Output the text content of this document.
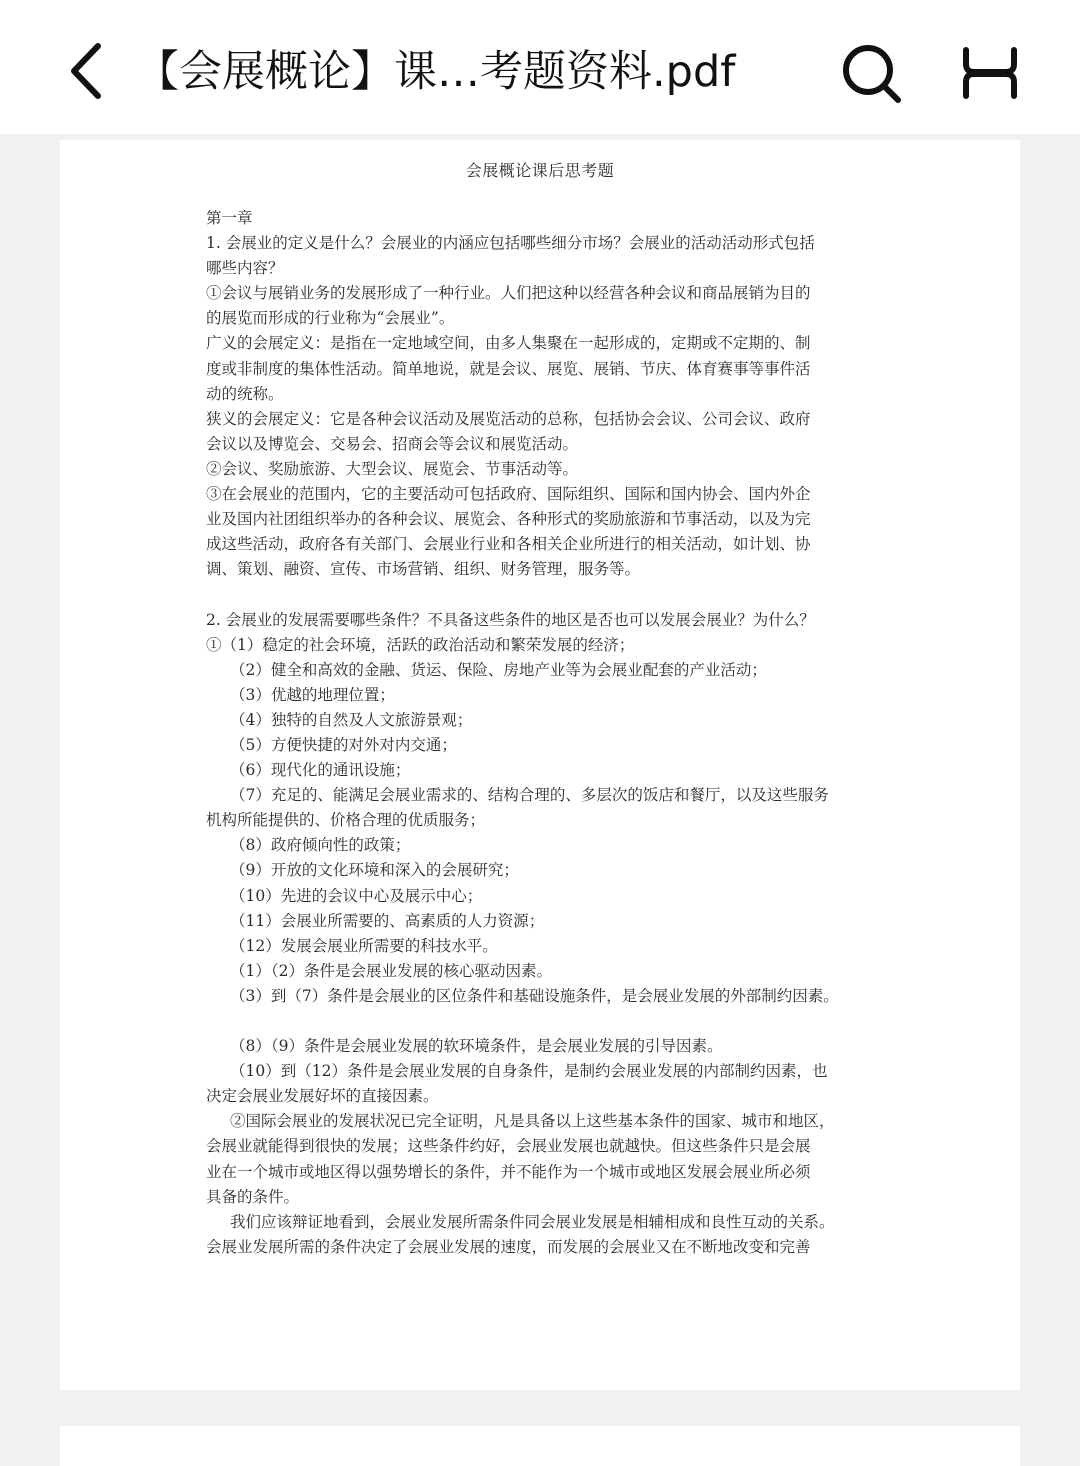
【会展概论】课…考题资料.pdf
会展概论课后思考题
第一章
1. 会展业的定义是什么？会展业的内涵应包括哪些细分市场？会展业的活动活动形式包括
哪些内容？
①会议与展销业务的发展形成了一种行业。人们把这种以经营各种会议和商品展销为目的
的展览而形成的行业称为“会展业”。
广义的会展定义：是指在一定地域空间，由多人集聚在一起形成的，定期或不定期的、制
度或非制度的集体性活动。简单地说，就是会议、展览、展销、节庆、体育赛事等事件活
动的统称。
狭义的会展定义：它是各种会议活动及展览活动的总称，包括协会会议、公司会议、政府
会议以及博览会、交易会、招商会等会议和展览活动。
②会议、奖励旅游、大型会议、展览会、节事活动等。
③在会展业的范围内，它的主要活动可包括政府、国际组织、国际和国内协会、国内外企
业及国内社团组织举办的各种会议、展览会、各种形式的奖励旅游和节事活动，以及为完
成这些活动，政府各有关部门、会展业行业和各相关企业所进行的相关活动，如计划、协
调、策划、融资、宣传、市场营销、组织、财务管理，服务等。
2. 会展业的发展需要哪些条件？不具备这些条件的地区是否也可以发展会展业？为什么？
①（1）稳定的社会环境，活跃的政治活动和繁荣发展的经济；
（2）健全和高效的金融、货运、保险、房地产业等为会展业配套的产业活动；
（3）优越的地理位置；
（4）独特的自然及人文旅游景观；
（5）方便快捷的对外对内交通；
（6）现代化的通讯设施；
（7）充足的、能满足会展业需求的、结构合理的、多层次的饭店和餐厅，以及这些服务
机构所能提供的、价格合理的优质服务；
（8）政府倾向性的政策；
（9）开放的文化环境和深入的会展研究；
（10）先进的会议中心及展示中心；
（11）会展业所需要的、高素质的人力资源；
（12）发展会展业所需要的科技水平。
（1）（2）条件是会展业发展的核心驱动因素。
（3）到（7）条件是会展业的区位条件和基础设施条件，是会展业发展的外部制约因素。
（8）（9）条件是会展业发展的软环境条件，是会展业发展的引导因素。
（10）到（12）条件是会展业发展的自身条件，是制约会展业发展的内部制约因素，也
决定会展业发展好坏的直接因素。
②国际会展业的发展状况已完全证明，凡是具备以上这些基本条件的国家、城市和地区，
会展业就能得到很快的发展；这些条件约好，会展业发展也就越快。但这些条件只是会展
业在一个城市或地区得以强势增长的条件，并不能作为一个城市或地区发展会展业所必须
具备的条件。
我们应该辩证地看到，会展业发展所需条件同会展业发展是相辅相成和良性互动的关系。
会展业发展所需的条件决定了会展业发展的速度，而发展的会展业又在不断地改变和完善
